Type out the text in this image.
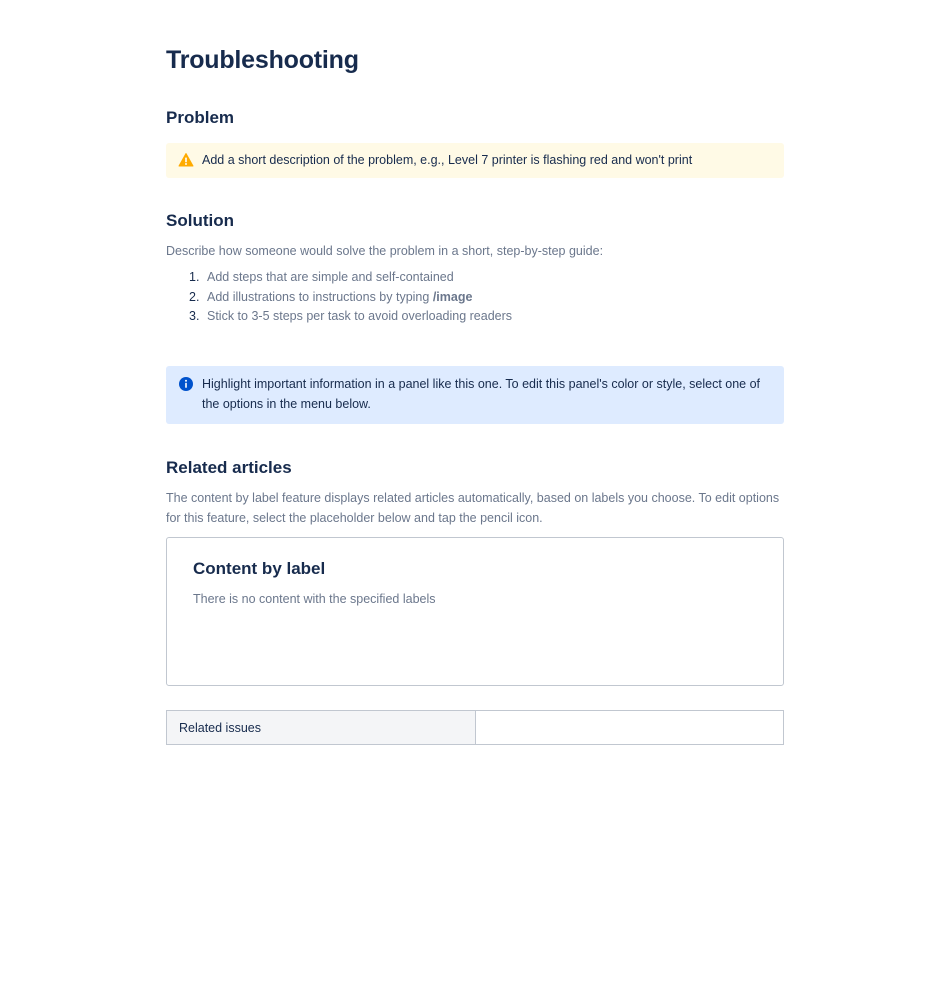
Troubleshooting
Problem
Add a short description of the problem, e.g., Level 7 printer is flashing red and won't print
Solution

Describe how someone would solve the problem in a short, step-by-step guide:

1. Add steps that are simple and self-contained
2. Add illustrations to instructions by typing /image
3. Stick to 3-5 steps per task to avoid overloading readers
Highlight important information in a panel like this one. To edit this panel's color or style, select one of the options in the menu below.
Related articles

The content by label feature displays related articles automatically, based on labels you choose. To edit options for this feature, select the placeholder below and tap the pencil icon.

Content by label
There is no content with the specified labels
Related issues	
